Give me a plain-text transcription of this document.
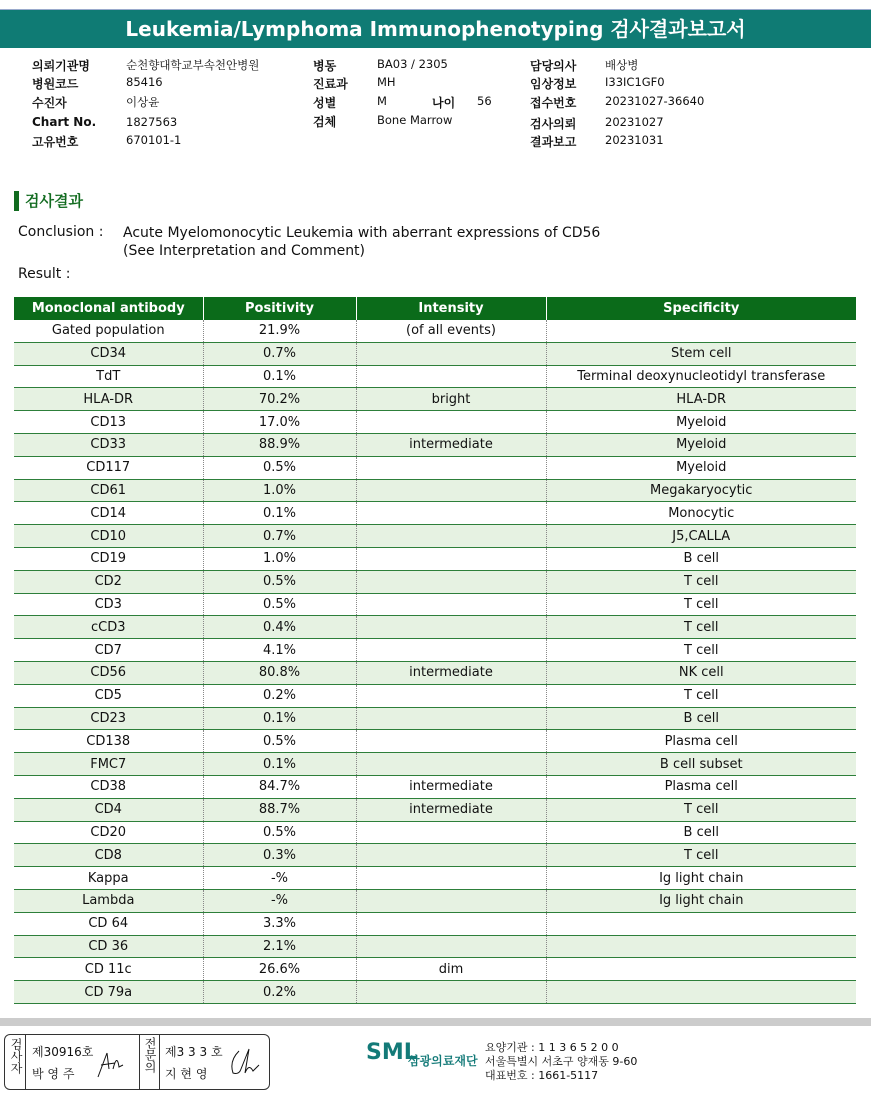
Leukemia/Lymphoma Immunophenotyping 검사결과보고서
의뢰기관명	순천향대학교부속천안병원
병원코드	85416
수진자	이상윤
Chart No.	1827563
고유번호	670101-1
병동	BA03 / 2305
진료과	MH
성별	M
검체	Bone Marrow
담당의사 배상병
임상정보 I33IC1GF0
접수번호 20231027-36640
검사의뢰 20231027
결과보고 20231031
나이 56
검사결과
Conclusion : Acute Myelomonocytic Leukemia with aberrant expressions of CD56
(See Interpretation and Comment)
Result :
Monoclonal antibody	Positivity	Intensity	Specificity
Gated population	21.9%	(of all events)	
CD34	0.7%		Stem cell
TdT	0.1%		Terminal deoxynucleotidyl transferase
HLA-DR	70.2%	bright	HLA-DR
CD13	17.0%		Myeloid
CD33	88.9%	intermediate	Myeloid
CD117	0.5%		Myeloid
CD61	1.0%		Megakaryocytic
CD14	0.1%		Monocytic
CD10	0.7%		J5,CALLA
CD19	1.0%		B cell
CD2	0.5%		T cell
CD3	0.5%		T cell
cCD3	0.4%		T cell
CD7	4.1%		T cell
CD56	80.8%	intermediate	NK cell
CD5	0.2%		T cell
CD23	0.1%		B cell
CD138	0.5%		Plasma cell
FMC7	0.1%		B cell subset
CD38	84.7%	intermediate	Plasma cell
CD4	88.7%	intermediate	T cell
CD20	0.5%		B cell
CD8	0.3%		T cell
Kappa	-%		Ig light chain
Lambda	-%		Ig light chain
CD 64	3.3%		
CD 36	2.1%		
CD 11c	26.6%	dim	
CD 79a	0.2%		
검사자 제30916호
박 영 주
전문의 제3 3 3 호
지 현 영
SML
삼광의료재단
요양기관 : 1 1 3 6 5 2 0 0
서울특별시 서초구 양재동 9-60
대표번호 : 1661-5117
